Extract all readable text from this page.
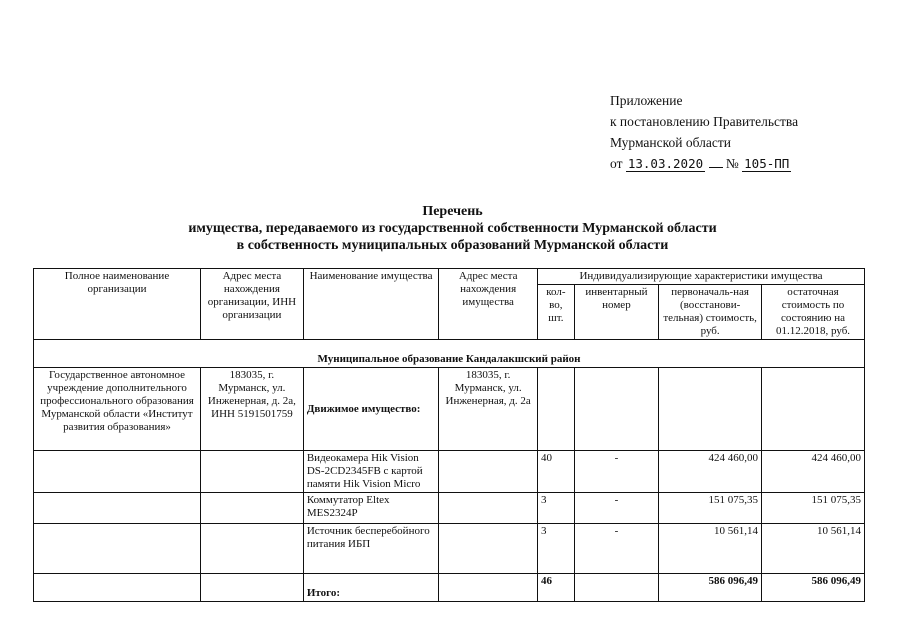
Приложение
к постановлению Правительства
Мурманской области
от 13.03.2020 № 105-ПП
Перечень
имущества, передаваемого из государственной собственности Мурманской области
в собственность муниципальных образований Мурманской области
Полное наименование организации	Адрес места нахождения организации, ИНН организации	Наименование имущества	Адрес места нахождения имущества	Индивидуализирующие характеристики имущества			
				кол-во, шт.	инвентарный номер	первоначаль-ная (восстанови-тельная) стоимость, руб.	остаточная стоимость по состоянию на 01.12.2018, руб.
Муниципальное образование Кандалакшский район							
Государственное автономное учреждение дополнительного профессионального образования Мурманской области «Институт развития образования»	183035, г. Мурманск, ул. Инженерная, д. 2а, ИНН 5191501759	Движимое имущество:	183035, г. Мурманск, ул. Инженерная, д. 2а				
		Видеокамера Hik Vision DS-2CD2345FB с картой памяти Hik Vision Micro		40	-	424 460,00	424 460,00
		Коммутатор Eltex MES2324P		3	-	151 075,35	151 075,35
		Источник бесперебойного питания ИБП		3	-	10 561,14	10 561,14
		Итого:		46		586 096,49	586 096,49
